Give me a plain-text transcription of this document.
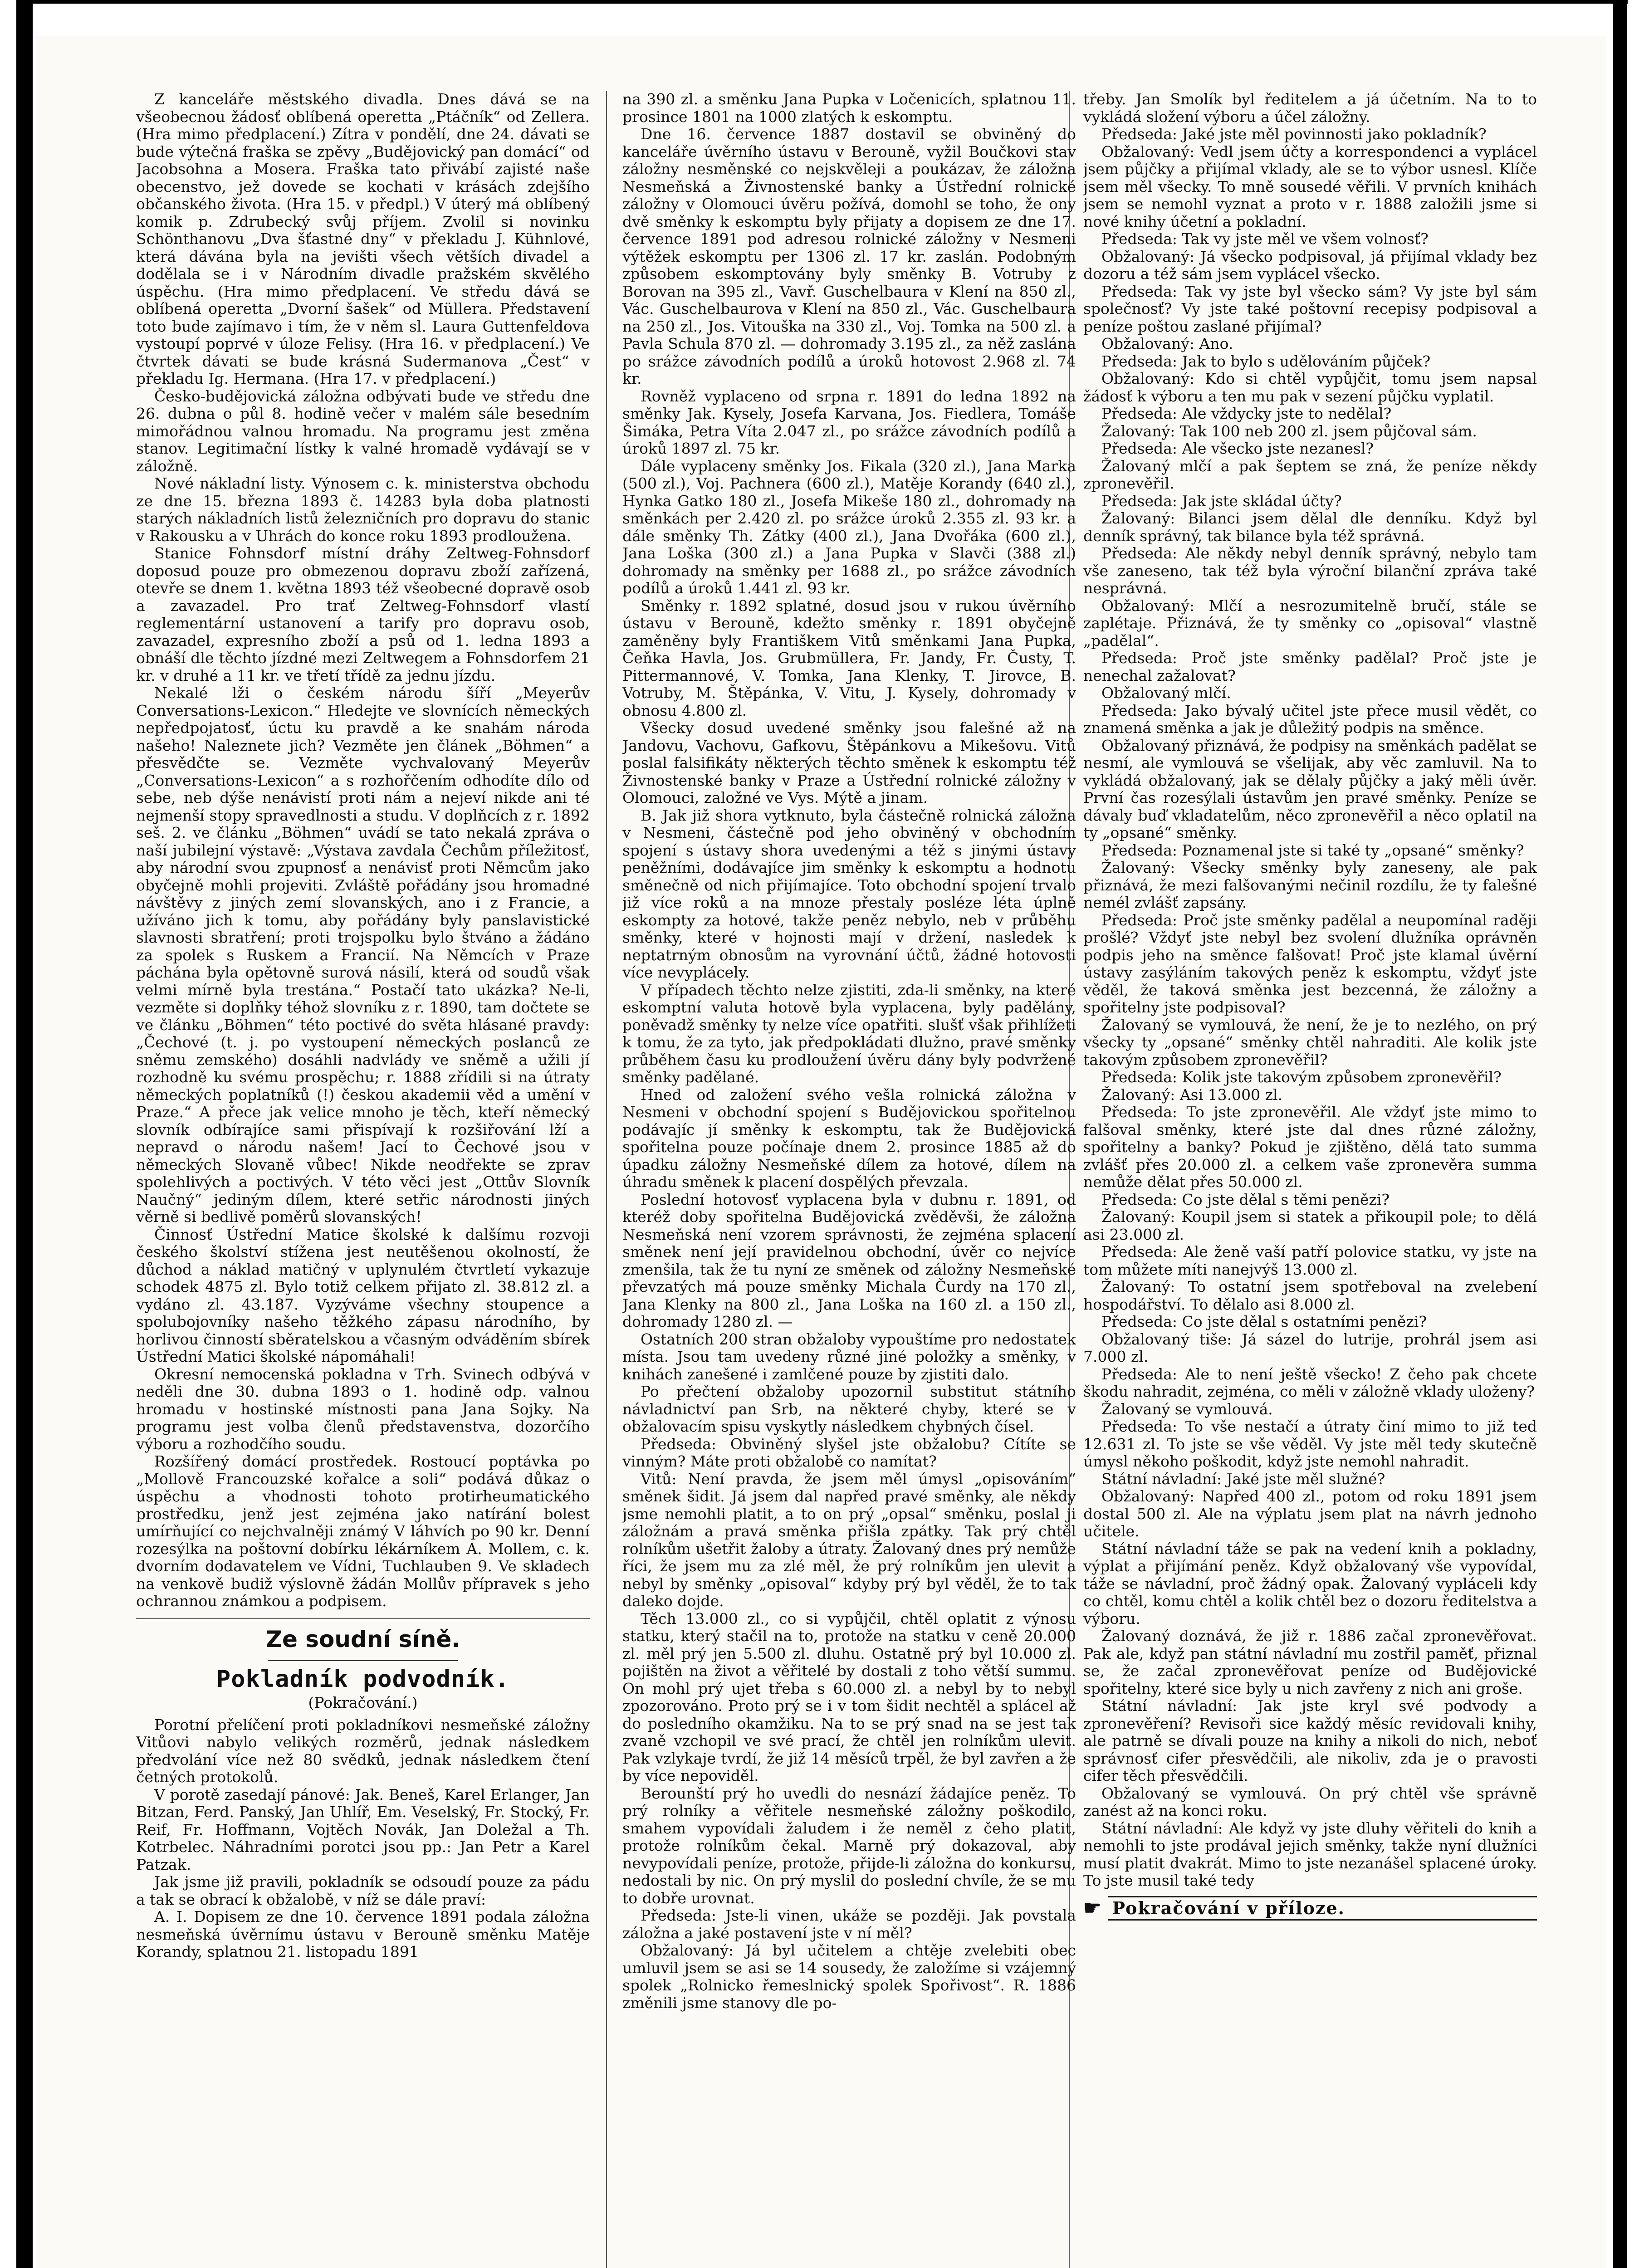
Z kanceláře městského divadla. Dnes dává se na všeobecnou žádosť oblíbená operetta „Ptáčník“ od Zellera. (Hra mimo předplacení.) Zítra v pondělí, dne 24. dávati se bude výtečná fraška se zpěvy „Budějovický pan domácí“ od Jacobsohna a Mosera. Fraška tato přivábí zajisté naše obecenstvo, jež dovede se kochati v krásách zdejšího občanského života. (Hra 15. v předpl.) V úterý má oblíbený komik p. Zdrubecký svůj příjem. Zvolil si novinku Schönthanovu „Dva šťastné dny“ v překladu J. Kühnlové, která dávána byla na jevišti všech větších divadel a dodělala se i v Národním divadle pražském skvělého úspěchu. (Hra mimo předplacení. Ve středu dává se oblíbená operetta „Dvorní šašek“ od Müllera. Představení toto bude zajímavo i tím, že v něm sl. Laura Guttenfeldova vystoupí poprvé v úloze Felisy. (Hra 16. v předplacení.) Ve čtvrtek dávati se bude krásná Sudermanova „Čest“ v překladu Ig. Hermana. (Hra 17. v předplacení.)

Česko-budějovická záložna odbývati bude ve středu dne 26. dubna o půl 8. hodině večer v malém sále besedním mimořádnou valnou hromadu. Na programu jest změna stanov. Legitimační lístky k valné hromadě vydávají se v záložně.

Nové nákladní listy. Výnosem c. k. ministerstva obchodu ze dne 15. března 1893 č. 14283 byla doba platnosti starých nákladních listů železničních pro dopravu do stanic v Rakousku a v Uhrách do konce roku 1893 prodloužena.

Stanice Fohnsdorf místní dráhy Zeltweg-Fohnsdorf doposud pouze pro obmezenou dopravu zboží zařízená, otevře se dnem 1. května 1893 též všeobecné dopravě osob a zavazadel. Pro trať Zeltweg-Fohnsdorf vlastí reglementární ustanovení a tarify pro dopravu osob, zavazadel, expresního zboží a psů od 1. ledna 1893 a obnáší dle těchto jízdné mezi Zeltwegem a Fohnsdorfem 21 kr. v druhé a 11 kr. ve třetí třídě za jednu jízdu.

Nekalé lži o českém národu šíří „Meyerův Conversations-Lexicon.“ Hledejte ve slovnících německých nepředpojatosť, úctu ku pravdě a ke snahám národa našeho! Naleznete jich? Vezměte jen článek „Böhmen“ a přesvědčte se. Vezměte vychvalovaný Meyerův „Conversations-Lexicon“ a s rozhořčením odhodíte dílo od sebe, neb dýše nenávistí proti nám a nejeví nikde ani té nejmenší stopy spravedlnosti a studu. V doplňcích z r. 1892 seš. 2. ve článku „Böhmen“ uvádí se tato nekalá zpráva o naší jubilejní výstavě: „Výstava zavdala Čechům příležitosť, aby národní svou zpupnosť a nenávisť proti Němcům jako obyčejně mohli projeviti. Zvláště pořádány jsou hromadné návštěvy z jiných zemí slovanských, ano i z Francie, a užíváno jich k tomu, aby pořádány byly panslavistické slavnosti sbratření; proti trojspolku bylo štváno a žádáno za spolek s Ruskem a Francií. Na Němcích v Praze páchána byla opětovně surová násilí, která od soudů však velmi mírně byla trestána.“ Postačí tato ukázka? Ne-li, vezměte si doplňky téhož slovníku z r. 1890, tam dočtete se ve článku „Böhmen“ této poctivé do světa hlásané pravdy: „Čechové (t. j. po vystoupení německých poslanců ze sněmu zemského) dosáhli nadvlády ve sněmě a užili jí rozhodně ku svému prospěchu; r. 1888 zřídili si na útraty německých poplatníků (!) českou akademii věd a umění v Praze.“ A přece jak velice mnoho je těch, kteří německý slovník odbírajíce sami přispívají k rozšiřování lží a nepravd o národu našem! Jací to Čechové jsou v německých Slovaně vůbec! Nikde neodřekte se zprav spolehlivých a poctivých. V této věci jest „Ottův Slovník Naučný“ jediným dílem, které setřic národnosti jiných věrně si bedlivě poměrů slovanských!

Činnosť Ústřední Matice školské k dalšímu rozvoji českého školství stížena jest neutěšenou okolností, že důchod a náklad matičný v uplynulém čtvrtletí vykazuje schodek 4875 zl. Bylo totiž celkem přijato zl. 38.812 zl. a vydáno zl. 43.187. Vyzýváme všechny stoupence a spolubojovníky našeho těžkého zápasu národního, by horlivou činností sběratelskou a včasným odváděním sbírek Ústřední Matici školské nápomáhali!

Okresní nemocenská pokladna v Trh. Svinech odbývá v neděli dne 30. dubna 1893 o 1. hodině odp. valnou hromadu v hostinské místnosti pana Jana Sojky. Na programu jest volba členů představenstva, dozorčího výboru a rozhodčího soudu.

Rozšířený domácí prostředek. Rostoucí poptávka po „Mollově Francouzské kořalce a soli“ podává důkaz o úspěchu a vhodnosti tohoto protirheumatického prostředku, jenž jest zejména jako natírání bolest umírňující co nejchvalněji známý V láhvích po 90 kr. Denní rozesýlka na poštovní dobírku lékárníkem A. Mollem, c. k. dvorním dodavatelem ve Vídni, Tuchlauben 9. Ve skladech na venkově budiž výslovně žádán Mollův přípravek s jeho ochrannou známkou a podpisem.

Ze soudní síně.
Pokladník podvodník.
(Pokračování.)

Porotní přelíčení proti pokladníkovi nesmeňské záložny Vitůovi nabylo velikých rozměrů, jednak následkem předvolání více než 80 svědků, jednak následkem čtení četných protokolů.

V porotě zasedají pánové: Jak. Beneš, Karel Erlanger, Jan Bitzan, Ferd. Panský, Jan Uhlíř, Em. Veselský, Fr. Stocký, Fr. Reif, Fr. Hoffmann, Vojtěch Novák, Jan Doležal a Th. Kotrbelec. Náhradními porotci jsou pp.: Jan Petr a Karel Patzak.

Jak jsme již pravili, pokladník se odsoudí pouze za pádu a tak se obrací k obžalobě, v níž se dále praví:

A. I. Dopisem ze dne 10. července 1891 podala záložna nesmeňská úvěrnímu ústavu v Berouně směnku Matěje Korandy, splatnou 21. listopadu 1891

na 390 zl. a směnku Jana Pupka v Ločenicích, splatnou 11. prosince 1801 na 1000 zlatých k eskomptu.

Dne 16. července 1887 dostavil se obviněný do kanceláře úvěrního ústavu v Berouně, vyžil Boučkovi stav záložny nesměnské co nejskvěleji a poukázav, že záložna Nesmeňská a Živnostenské banky a Ústřední rolnické záložny v Olomouci úvěru požívá, domohl se toho, že ony dvě směnky k eskomptu byly přijaty a dopisem ze dne 17. července 1891 pod adresou rolnické záložny v Nesmeni výtěžek eskomptu per 1306 zl. 17 kr. zaslán. Podobným způsobem eskomptovány byly směnky B. Votruby z Borovan na 395 zl., Vavř. Guschelbaura v Klení na 850 zl., Vác. Guschelbaurova v Klení na 850 zl., Vác. Guschelbaura na 250 zl., Jos. Vitouška na 330 zl., Voj. Tomka na 500 zl. a Pavla Schula 870 zl. — dohromady 3.195 zl., za něž zaslána po srážce závodních podílů a úroků hotovost 2.968 zl. 74 kr.

Rovněž vyplaceno od srpna r. 1891 do ledna 1892 na směnky Jak. Kysely, Josefa Karvana, Jos. Fiedlera, Tomáše Šimáka, Petra Víta 2.047 zl., po srážce závodních podílů a úroků 1897 zl. 75 kr.

Dále vyplaceny směnky Jos. Fikala (320 zl.), Jana Marka (500 zl.), Voj. Pachnera (600 zl.), Matěje Korandy (640 zl.), Hynka Gatko 180 zl., Josefa Mikeše 180 zl., dohromady na směnkách per 2.420 zl. po srážce úroků 2.355 zl. 93 kr. a dále směnky Th. Zátky (400 zl.), Jana Dvořáka (600 zl.), Jana Loška (300 zl.) a Jana Pupka v Slavči (388 zl.) dohromady na směnky per 1688 zl., po srážce závodních podílů a úroků 1.441 zl. 93 kr.

Směnky r. 1892 splatné, dosud jsou v rukou úvěrního ústavu v Berouně, kdežto směnky r. 1891 obyčejně zaměněny byly Františkem Vitů směnkami Jana Pupka, Čeňka Havla, Jos. Grubmüllera, Fr. Jandy, Fr. Čusty, T. Pittermannové, V. Tomka, Jana Klenky, T. Jirovce, B. Votruby, M. Štěpánka, V. Vitu, J. Kysely, dohromady v obnosu 4.800 zl.

Všecky dosud uvedené směnky jsou falešné až na Jandovu, Vachovu, Gafkovu, Štěpánkovu a Mikešovu. Vitů poslal falsifikáty některých těchto směnek k eskomptu též Živnostenské banky v Praze a Ústřední rolnické záložny v Olomouci, založné ve Vys. Mýtě a jinam.

B. Jak již shora vytknuto, byla částečně rolnická záložna v Nesmeni, částečně pod jeho obviněný v obchodním spojení s ústavy shora uvedenými a též s jinými ústavy peněžními, dodávajíce jim směnky k eskomptu a hodnotu směnečně od nich přijímajíce. Toto obchodní spojení trvalo již více roků a na mnoze přestaly posléze léta úplně eskompty za hotové, takže peněz nebylo, neb v průběhu směnky, které v hojnosti mají v držení, nasledek k neptatrným obnosům na vyrovnání účtů, žádné hotovosti více nevyplácely.

V případech těchto nelze zjistiti, zda-li směnky, na které eskomptní valuta hotově byla vyplacena, byly padělány, poněvadž směnky ty nelze více opatřiti. slušť však přihlížeti k tomu, že za tyto, jak předpokládati dlužno, pravé směnky průběhem času ku prodloužení úvěru dány byly podvržené směnky padělané.

Hned od založení svého vešla rolnická záložna v Nesmeni v obchodní spojení s Budějovickou spořitelnou podávajíc jí směnky k eskomptu, tak že Budějovická spořitelna pouze počínaje dnem 2. prosince 1885 až do úpadku záložny Nesmeňské dílem za hotové, dílem na úhradu směnek k placení dospělých převzala.

Poslední hotovosť vyplacena byla v dubnu r. 1891, od kteréž doby spořitelna Budějovická zvěděvši, že záložna Nesmeňská není vzorem správnosti, že zejména splacení směnek není její pravidelnou obchodní, úvěr co nejvíce zmenšila, tak že tu nyní ze směnek od záložny Nesmeňské převzatých má pouze směnky Michala Čurdy na 170 zl., Jana Klenky na 800 zl., Jana Loška na 160 zl. a 150 zl., dohromady 1280 zl. —

Ostatních 200 stran obžaloby vypouštíme pro nedostatek místa. Jsou tam uvedeny různé jiné položky a směnky, v knihách zanešené i zamlčené pouze by zjistiti dalo.

Po přečtení obžaloby upozornil substitut státního návladnictví pan Srb, na některé chyby, které se v obžalovacím spisu vyskytly následkem chybných čísel.

Předseda: Obviněný slyšel jste obžalobu? Cítíte se vinným? Máte proti obžalobě co namítat?

Vitů: Není pravda, že jsem měl úmysl „opisováním“ směnek šidit. Já jsem dal napřed pravé směnky, ale někdy jsme nemohli platit, a to on prý „opsal“ směnku, poslal ji záložnám a pravá směnka přišla zpátky. Tak prý chtěl rolníkům ušetřit žaloby a útraty. Žalovaný dnes prý nemůže říci, že jsem mu za zlé měl, že prý rolníkům jen ulevit a nebyl by směnky „opisoval“ kdyby prý byl věděl, že to tak daleko dojde.

Těch 13.000 zl., co si vypůjčil, chtěl oplatit z výnosu statku, který stačil na to, protože na statku v ceně 20.000 zl. měl prý jen 5.500 zl. dluhu. Ostatně prý byl 10.000 zl. pojištěn na život a věřitelé by dostali z toho větší summu. On mohl prý ujet třeba s 60.000 zl. a nebyl by to nebyl zpozorováno. Proto prý se i v tom šidit nechtěl a splácel až do posledního okamžiku. Na to se prý snad na se jest tak zvaně vzchopil ve své prací, že chtěl jen rolníkům ulevit. Pak vzlykaje tvrdí, že již 14 měsíců trpěl, že byl zavřen a že by více nepoviděl.

Berounští prý ho uvedli do nesnází žádajíce peněz. To prý rolníky a věřitele nesmeňské záložny poškodilo, smahem vypovídali žaludem i že neměl z čeho platit, protože rolníkům čekal. Marně prý dokazoval, aby nevypovídali peníze, protože, přijde-li záložna do konkursu, nedostali by nic. On prý myslil do poslední chvíle, že se mu to dobře urovnat.

Předseda: Jste-li vinen, ukáže se později. Jak povstala záložna a jaké postavení jste v ní měl?

Obžalovaný: Já byl učitelem a chtěje zvelebiti obec umluvil jsem se asi se 14 sousedy, že založíme si vzájemný spolek „Rolnicko řemeslnický spolek Spořivost“. R. 1886 změnili jsme stanovy dle po-

třeby. Jan Smolík byl ředitelem a já účetním. Na to to vykládá složení výboru a účel záložny.

Předseda: Jaké jste měl povinnosti jako pokladník?

Obžalovaný: Vedl jsem účty a korrespondenci a vyplácel jsem půjčky a přijímal vklady, ale se to výbor usnesl. Klíče jsem měl všecky. To mně sousedé věřili. V prvních knihách jsem se nemohl vyznat a proto v r. 1888 založili jsme si nové knihy účetní a pokladní.

Předseda: Tak vy jste měl ve všem volnosť?

Obžalovaný: Já všecko podpisoval, já přijímal vklady bez dozoru a též sám jsem vyplácel všecko.

Předseda: Tak vy jste byl všecko sám? Vy jste byl sám společnosť? Vy jste také poštovní recepisy podpisoval a peníze poštou zaslané přijímal?

Obžalovaný: Ano.

Předseda: Jak to bylo s udělováním půjček?

Obžalovaný: Kdo si chtěl vypůjčit, tomu jsem napsal žádosť k výboru a ten mu pak v sezení půjčku vyplatil.

Předseda: Ale vždycky jste to nedělal?

Žalovaný: Tak 100 neb 200 zl. jsem půjčoval sám.

Předseda: Ale všecko jste nezanesl?

Žalovaný mlčí a pak šeptem se zná, že peníze někdy zpronevěřil.

Předseda: Jak jste skládal účty?

Žalovaný: Bilanci jsem dělal dle denníku. Když byl denník správný, tak bilance byla též správná.

Předseda: Ale někdy nebyl denník správný, nebylo tam vše zaneseno, tak též byla výroční bilanční zpráva také nesprávná.

Obžalovaný: Mlčí a nesrozumitelně bručí, stále se zaplétaje. Přiznává, že ty směnky co „opisoval“ vlastně „padělal“.

Předseda: Proč jste směnky padělal? Proč jste je nenechal zažalovat?

Obžalovaný mlčí.

Předseda: Jako bývalý učitel jste přece musil vědět, co znamená směnka a jak je důležitý podpis na směnce.

Obžalovaný přiznává, že podpisy na směnkách padělat se nesmí, ale vymlouvá se všelijak, aby věc zamluvil. Na to vykládá obžalovaný, jak se dělaly půjčky a jaký měli úvěr. První čas rozesýlali ústavům jen pravé směnky. Peníze se dávaly buď vkladatelům, něco zpronevěřil a něco oplatil na ty „opsané“ směnky.

Předseda: Poznamenal jste si také ty „opsané“ směnky?

Žalovaný: Všecky směnky byly zaneseny, ale pak přiznává, že mezi falšovanými nečinil rozdílu, že ty falešné nemél zvlášť zapsány.

Předseda: Proč jste směnky padělal a neupomínal raději prošlé? Vždyť jste nebyl bez svolení dlužníka oprávněn podpis jeho na směnce falšovat! Proč jste klamal úvěrní ústavy zasýláním takových peněz k eskomptu, vždyť jste věděl, že taková směnka jest bezcenná, že záložny a spořitelny jste podpisoval?

Žalovaný se vymlouvá, že není, že je to nezlého, on prý všecky ty „opsané“ směnky chtěl nahraditi. Ale kolik jste takovým způsobem zpronevěřil?

Předseda: Kolik jste takovým způsobem zpronevěřil?

Žalovaný: Asi 13.000 zl.

Předseda: To jste zpronevěřil. Ale vždyť jste mimo to falšoval směnky, které jste dal dnes různé záložny, spořitelny a banky? Pokud je zjištěno, dělá tato summa zvlášť přes 20.000 zl. a celkem vaše zpronevěra summa nemůže dělat přes 50.000 zl.

Předseda: Co jste dělal s těmi penězi?

Žalovaný: Koupil jsem si statek a přikoupil pole; to dělá asi 23.000 zl.

Předseda: Ale ženě vaší patří polovice statku, vy jste na tom můžete míti nanejvýš 13.000 zl.

Žalovaný: To ostatní jsem spotřeboval na zvelebení hospodářství. To dělalo asi 8.000 zl.

Předseda: Co jste dělal s ostatními penězi?

Obžalovaný tiše: Já sázel do lutrije, prohrál jsem asi 7.000 zl.

Předseda: Ale to není ještě všecko! Z čeho pak chcete škodu nahradit, zejména, co měli v záložně vklady uloženy?

Žalovaný se vymlouvá.

Předseda: To vše nestačí a útraty činí mimo to již ted 12.631 zl. To jste se vše věděl. Vy jste měl tedy skutečně úmysl někoho poškodit, když jste nemohl nahradit.

Státní návladní: Jaké jste měl služné?

Obžalovaný: Napřed 400 zl., potom od roku 1891 jsem dostal 500 zl. Ale na výplatu jsem plat na návrh jednoho učitele.

Státní návladní táže se pak na vedení knih a pokladny, výplat a přijímání peněz. Když obžalovaný vše vypovídal, táže se návladní, proč žádný opak. Žalovaný vypláceli kdy co chtěl, komu chtěl a kolik chtěl bez o dozoru ředitelstva a výboru.

Žalovaný doznává, že již r. 1886 začal zpronevěřovat. Pak ale, když pan státní návladní mu zostřil paměť, přiznal se, že začal zpronevěřovat peníze od Budějovické spořitelny, které sice byly u nich zavřeny z nich ani groše.

Státní návladní: Jak jste kryl své podvody a zpronevěření? Revisoři sice každý měsíc revidovali knihy, ale patrně se dívali pouze na knihy a nikoli do nich, neboť správnosť cifer přesvědčili, ale nikoliv, zda je o pravosti cifer těch přesvědčili.

Obžalovaný se vymlouvá. On prý chtěl vše správně zanést až na konci roku.

Státní návladní: Ale když vy jste dluhy věřiteli do knih a nemohli to jste prodával jejich směnky, takže nyní dlužníci musí platit dvakrát. Mimo to jste nezanášel splacené úroky. To jste musil také tedy

☛ Pokračování v příloze.
